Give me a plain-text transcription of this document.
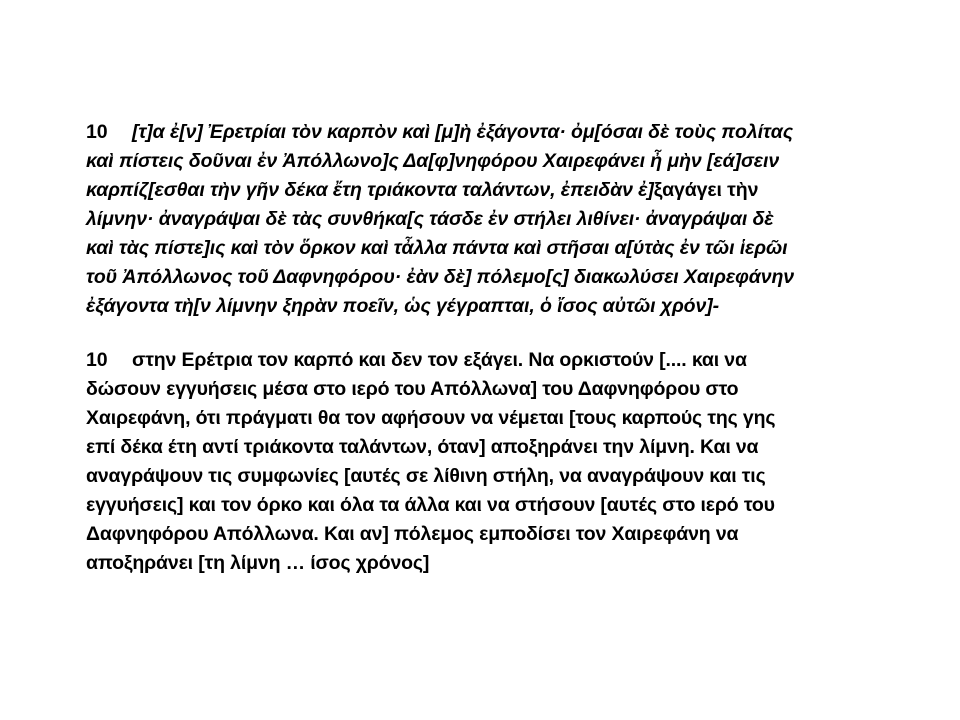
10 [τ]α ἐ[ν] Ἐρετρίαι τὸν καρπὸν καὶ [μ]ὴ ἐξάγοντα· ὀμ[όσαι δὲ τοὺς πολίτας
καὶ πίστεις δοῦναι ἐν Ἀπόλλωνο]ς Δα[φ]νηφόρου Χαιρεφάνει ἦ μὴν [εά]σειν
καρπίζ[εσθαι τὴν γῆν δέκα ἔτη τριάκοντα ταλάντων, ἐπειδὰν ἐ]ξαγάγει τὴν
λίμνην· ἀναγράψαι δὲ τὰς συνθήκα[ς τάσδε ἐν στήλει λιθίνει· ἀναγράψαι δὲ
καὶ τὰς πίστε]ις καὶ τὸν ὅρκον καὶ τἆλλα πάντα καὶ στῆσαι α[ύτὰς ἐν τῶι ἱερῶι
τοῦ Ἀπόλλωνος τοῦ Δαφνηφόρου· ἐὰν δὲ] πόλεμο[ς] διακωλύσει Χαιρεφάνην
ἐξάγοντα τὴ[ν λίμνην ξηρὰν ποεῖν, ὡς γέγραπται, ὁ ἴσος αὐτῶι χρόν]-
10 στην Ερέτρια τον καρπό και δεν τον εξάγει. Να ορκιστούν [.... και να
δώσουν εγγυήσεις μέσα στο ιερό του Απόλλωνα] του Δαφνηφόρου στο
Χαιρεφάνη, ότι πράγματι θα τον αφήσουν να νέμεται [τους καρπούς της γης
επί δέκα έτη αντί τριάκοντα ταλάντων, όταν] αποξηράνει την λίμνη. Και να
αναγράψουν τις συμφωνίες [αυτές σε λίθινη στήλη, να αναγράψουν και τις
εγγυήσεις] και τον όρκο και όλα τα άλλα και να στήσουν [αυτές στο ιερό του
Δαφνηφόρου Απόλλωνα. Και αν] πόλεμος εμποδίσει τον Χαιρεφάνη να
αποξηράνει [τη λίμνη … ίσος χρόνος]
